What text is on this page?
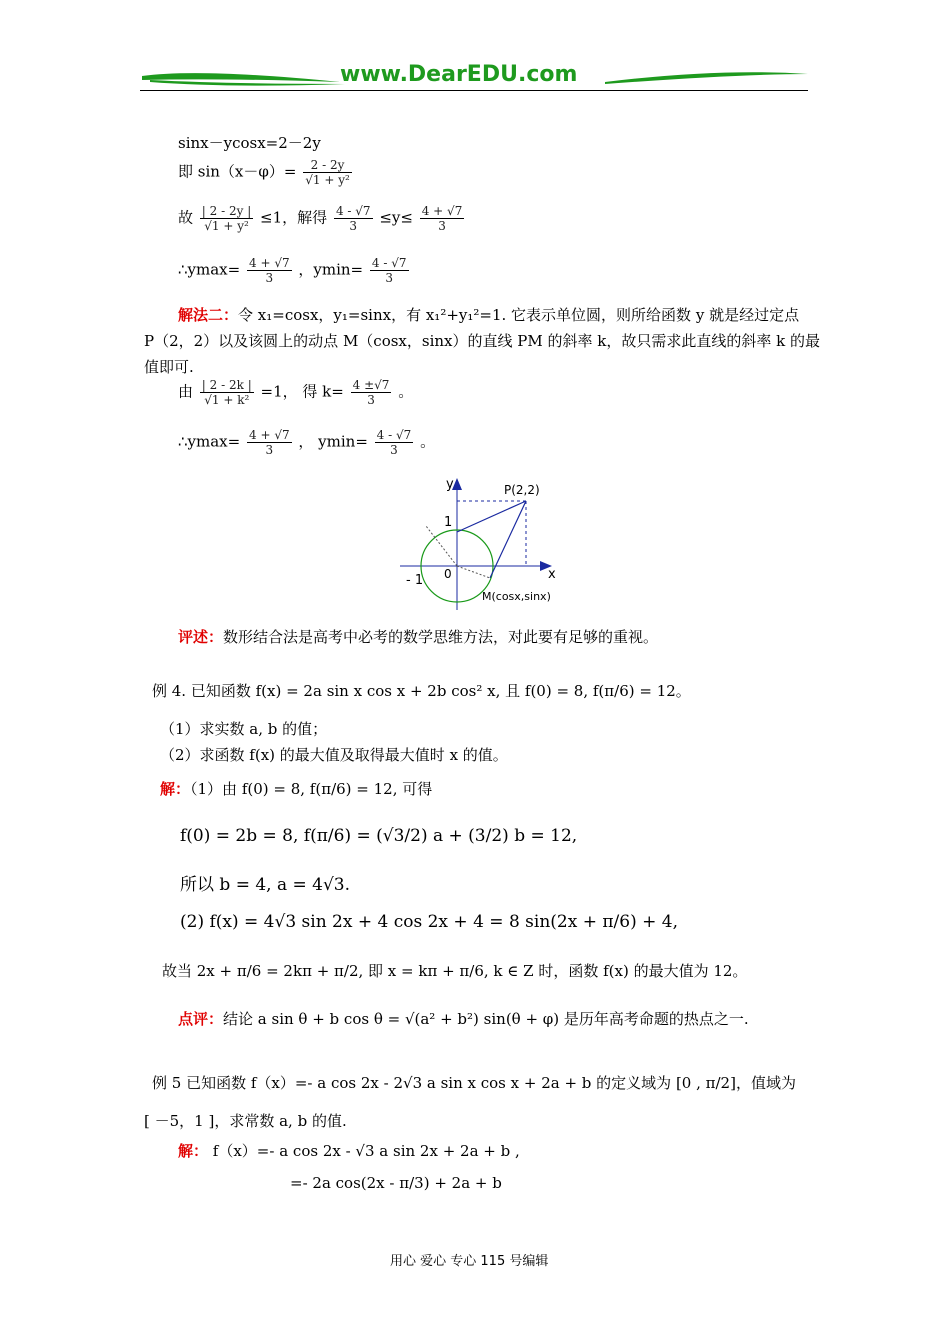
www.DearEDU.com
sinx－ycosx=2－2y
即 $\sin(x-\varphi)= \frac{2 - 2y}{\text{√1 + y²}}$
故 $\frac{| 2 - 2y |}{\text{√1 + y²}} \le 1$，解得 $\frac{4 - √7}{3} \le y\le \frac{4 + √7}{3}$
∴ymax= $\frac{4 + √7}{3}$ ，$ymin= \frac{4 - √7}{3}$
解法二：令 x₁=cosx，y₁=sinx，有 x₁²+y₁²=1. 它表示单位圆，则所给函数 y 就是经过定点
P（2，2）以及该圆上的动点 M（cosx，sinx）的直线 PM 的斜率 k，故只需求此直线的斜率 k 的最
值即可.
由 $\frac{| 2 - 2k |}{\text{√1 + k²}} =1$， 得 $k= \frac{4 \pm√7}{3}$ 。
∴ymax= $\frac{4 + √7}{3}$ ， $ymin= \frac{4 - √7}{3}$ 。
y
x
P(2,2)
1
- 1 0
M(cosx,sinx)
评述：数形结合法是高考中必考的数学思维方法，对此要有足够的重视。
例 4. 已知函数 f(x) = 2a sin x cos x + 2b cos² x, 且 f(0) = 8, f(π/6) = 12。
（1）求实数 a, b 的值；
（2）求函数 f(x) 的最大值及取得最大值时 x 的值。
解：（1）由 f(0) = 8, f(π/6) = 12, 可得
f(0) = 2b = 8, f(π/6) = (√3/2) a + (3/2) b = 12,
所以 b = 4, a = 4√3.
(2) f(x) = 4√3 sin 2x + 4 cos 2x + 4 = 8 sin(2x + π/6) + 4,
故当 2x + π/6 = 2kπ + π/2, 即 x = kπ + π/6, k ∈ Z 时，函数 f(x) 的最大值为 12。
点评：结论 a sin θ + b cos θ = √(a² + b²) sin(θ + φ) 是历年高考命题的热点之一.
例 5 已知函数 f（x）=- a cos 2x - 2√3 a sin x cos x + 2a + b 的定义域为 [0 , π/2]，值域为
[ －5，1 ]，求常数 a, b 的值.
解： f（x）=- a cos 2x - √3 a sin 2x + 2a + b ,
=- 2a cos(2x - π/3) + 2a + b
用心 爱心 专心 115 号编辑
